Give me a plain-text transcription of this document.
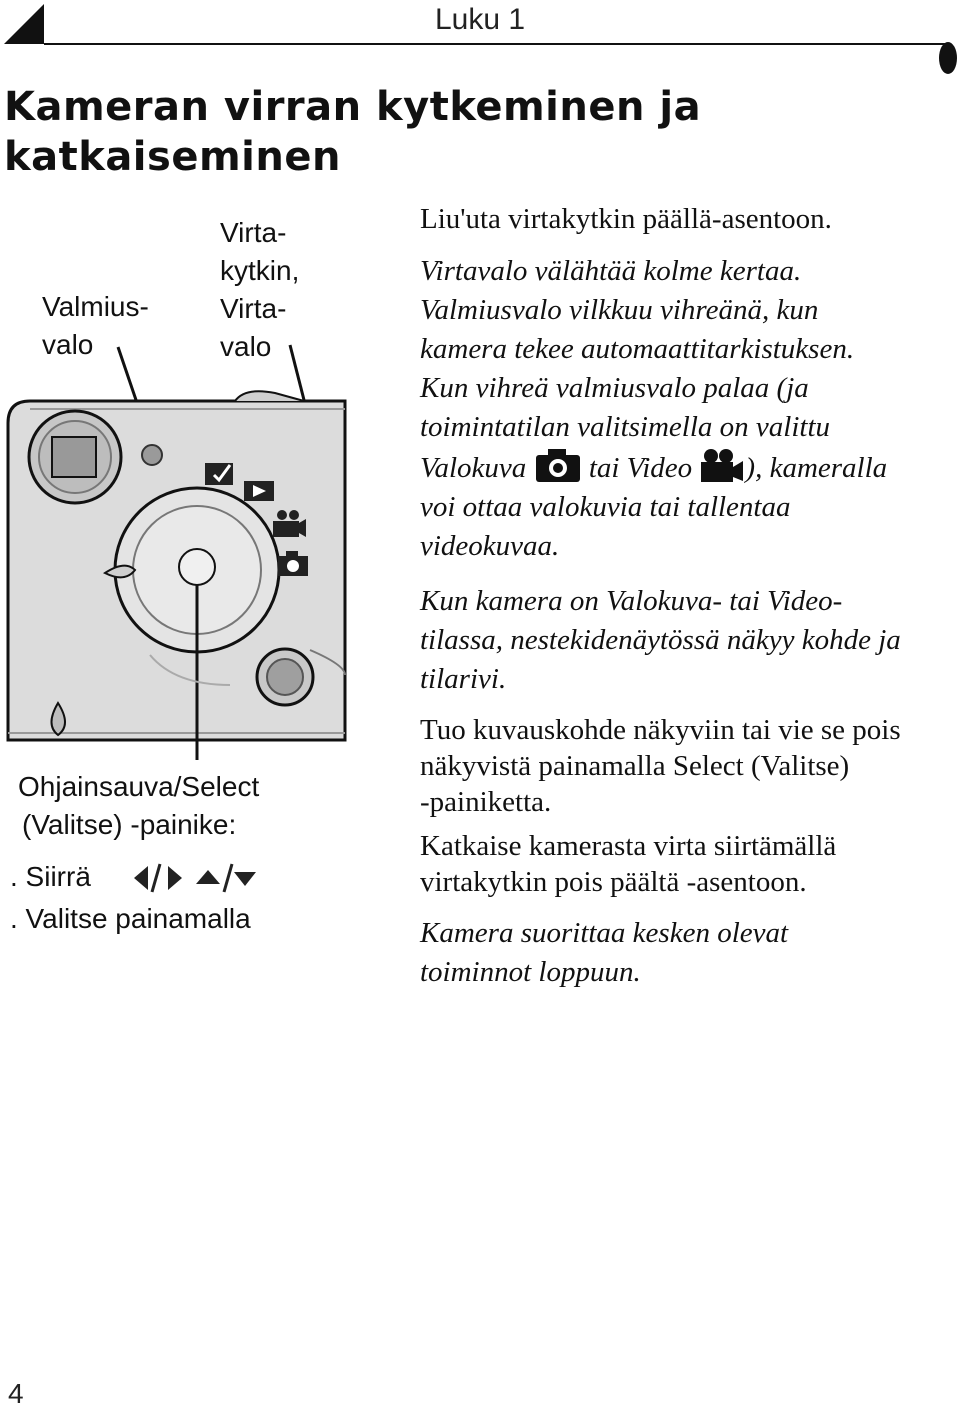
Luku 1
Kameran virran kytkeminen ja katkaiseminen
Valmius-
valo
Virta-
kytkin,
Virta-
valo
Ohjainsauva/Select
(Valitse) -painike:
. Siirrä
. Valitse painamalla

Liu'uta virtakytkin päällä-asentoon.

Virtavalo välähtää kolme kertaa.
Valmiusvalo vilkkuu vihreänä, kun
kamera tekee automaattitarkistuksen.
Kun vihreä valmiusvalo palaa (ja
toimintatilan valitsimella on valittu
Valokuva tai Video ), kameralla
voi ottaa valokuvia tai tallentaa
videokuvaa.
Kun kamera on Valokuva- tai Video-
tilassa, nestekidenäytössä näkyy kohde ja
tilarivi.
Tuo kuvauskohde näkyviin tai vie se pois
näkyvistä painamalla Select (Valitse)
-painiketta.
Katkaise kamerasta virta siirtämällä
virtakytkin pois päältä -asentoon.
Kamera suorittaa kesken olevat
toiminnot loppuun.
4
